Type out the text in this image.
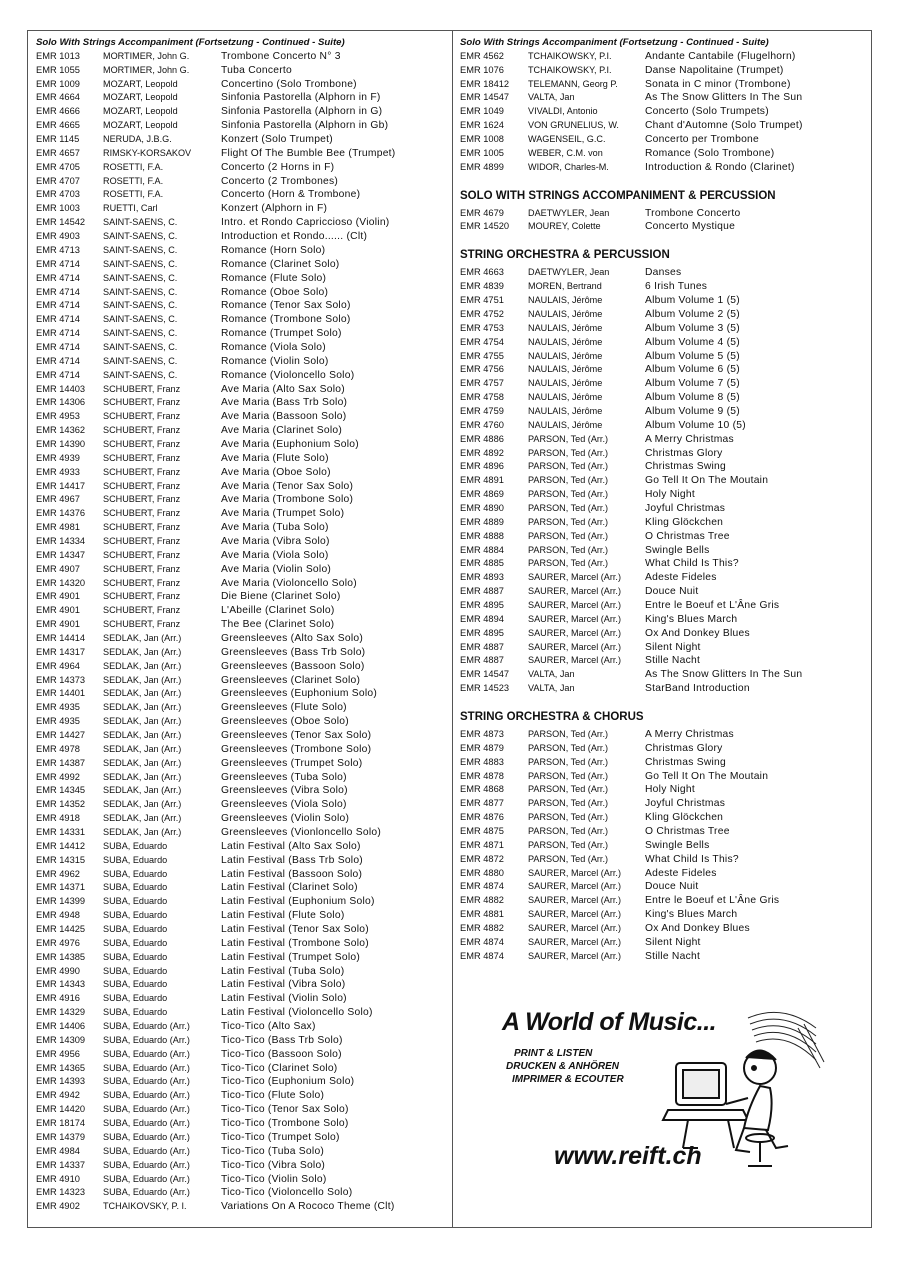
Solo With Strings Accompaniment (Fortsetzung - Continued - Suite)
EMR 1013	MORTIMER, John G.	Trombone Concerto N° 3
EMR 1055	MORTIMER, John G.	Tuba Concerto
EMR 1009	MOZART, Leopold	Concertino (Solo Trombone)
EMR 4664	MOZART, Leopold	Sinfonia Pastorella (Alphorn in F)
EMR 4666	MOZART, Leopold	Sinfonia Pastorella (Alphorn in G)
EMR 4665	MOZART, Leopold	Sinfonia Pastorella (Alphorn in Gb)
EMR 1145	NERUDA, J.B.G.	Konzert (Solo Trumpet)
EMR 4657	RIMSKY-KORSAKOV	Flight Of The Bumble Bee (Trumpet)
EMR 4705	ROSETTI, F.A.	Concerto (2 Horns in F)
EMR 4707	ROSETTI, F.A.	Concerto (2 Trombones)
EMR 4703	ROSETTI, F.A.	Concerto (Horn & Trombone)
EMR 1003	RUETTI, Carl	Konzert (Alphorn in F)
EMR 14542	SAINT-SAENS, C.	Intro. et Rondo Capriccioso (Violin)
EMR 4903	SAINT-SAENS, C.	Introduction et Rondo...... (Clt)
EMR 4713	SAINT-SAENS, C.	Romance (Horn Solo)
EMR 4714	SAINT-SAENS, C.	Romance (Clarinet Solo)
EMR 4714	SAINT-SAENS, C.	Romance (Flute Solo)
EMR 4714	SAINT-SAENS, C.	Romance (Oboe Solo)
EMR 4714	SAINT-SAENS, C.	Romance (Tenor Sax Solo)
EMR 4714	SAINT-SAENS, C.	Romance (Trombone Solo)
EMR 4714	SAINT-SAENS, C.	Romance (Trumpet Solo)
EMR 4714	SAINT-SAENS, C.	Romance (Viola Solo)
EMR 4714	SAINT-SAENS, C.	Romance (Violin Solo)
EMR 4714	SAINT-SAENS, C.	Romance (Violoncello Solo)
EMR 14403	SCHUBERT, Franz	Ave Maria (Alto Sax Solo)
EMR 14306	SCHUBERT, Franz	Ave Maria (Bass Trb Solo)
EMR 4953	SCHUBERT, Franz	Ave Maria (Bassoon Solo)
EMR 14362	SCHUBERT, Franz	Ave Maria (Clarinet Solo)
EMR 14390	SCHUBERT, Franz	Ave Maria (Euphonium Solo)
EMR 4939	SCHUBERT, Franz	Ave Maria (Flute Solo)
EMR 4933	SCHUBERT, Franz	Ave Maria (Oboe Solo)
EMR 14417	SCHUBERT, Franz	Ave Maria (Tenor Sax Solo)
EMR 4967	SCHUBERT, Franz	Ave Maria (Trombone Solo)
EMR 14376	SCHUBERT, Franz	Ave Maria (Trumpet Solo)
EMR 4981	SCHUBERT, Franz	Ave Maria (Tuba Solo)
EMR 14334	SCHUBERT, Franz	Ave Maria (Vibra Solo)
EMR 14347	SCHUBERT, Franz	Ave Maria (Viola Solo)
EMR 4907	SCHUBERT, Franz	Ave Maria (Violin Solo)
EMR 14320	SCHUBERT, Franz	Ave Maria (Violoncello Solo)
EMR 4901	SCHUBERT, Franz	Die Biene (Clarinet Solo)
EMR 4901	SCHUBERT, Franz	L'Abeille (Clarinet Solo)
EMR 4901	SCHUBERT, Franz	The Bee (Clarinet Solo)
EMR 14414	SEDLAK, Jan (Arr.)	Greensleeves (Alto Sax Solo)
EMR 14317	SEDLAK, Jan (Arr.)	Greensleeves (Bass Trb Solo)
EMR 4964	SEDLAK, Jan (Arr.)	Greensleeves (Bassoon Solo)
EMR 14373	SEDLAK, Jan (Arr.)	Greensleeves (Clarinet Solo)
EMR 14401	SEDLAK, Jan (Arr.)	Greensleeves (Euphonium Solo)
EMR 4935	SEDLAK, Jan (Arr.)	Greensleeves (Flute Solo)
EMR 4935	SEDLAK, Jan (Arr.)	Greensleeves (Oboe Solo)
EMR 14427	SEDLAK, Jan (Arr.)	Greensleeves (Tenor Sax Solo)
EMR 4978	SEDLAK, Jan (Arr.)	Greensleeves (Trombone Solo)
EMR 14387	SEDLAK, Jan (Arr.)	Greensleeves (Trumpet Solo)
EMR 4992	SEDLAK, Jan (Arr.)	Greensleeves (Tuba Solo)
EMR 14345	SEDLAK, Jan (Arr.)	Greensleeves (Vibra Solo)
EMR 14352	SEDLAK, Jan (Arr.)	Greensleeves (Viola Solo)
EMR 4918	SEDLAK, Jan (Arr.)	Greensleeves (Violin Solo)
EMR 14331	SEDLAK, Jan (Arr.)	Greensleeves (Vionloncello Solo)
EMR 14412	SUBA, Eduardo	Latin Festival (Alto Sax Solo)
EMR 14315	SUBA, Eduardo	Latin Festival (Bass Trb Solo)
EMR 4962	SUBA, Eduardo	Latin Festival (Bassoon Solo)
EMR 14371	SUBA, Eduardo	Latin Festival (Clarinet Solo)
EMR 14399	SUBA, Eduardo	Latin Festival (Euphonium Solo)
EMR 4948	SUBA, Eduardo	Latin Festival (Flute Solo)
EMR 14425	SUBA, Eduardo	Latin Festival (Tenor Sax Solo)
EMR 4976	SUBA, Eduardo	Latin Festival (Trombone Solo)
EMR 14385	SUBA, Eduardo	Latin Festival (Trumpet Solo)
EMR 4990	SUBA, Eduardo	Latin Festival (Tuba Solo)
EMR 14343	SUBA, Eduardo	Latin Festival (Vibra Solo)
EMR 4916	SUBA, Eduardo	Latin Festival (Violin Solo)
EMR 14329	SUBA, Eduardo	Latin Festival (Violoncello Solo)
EMR 14406	SUBA, Eduardo (Arr.)	Tico-Tico (Alto Sax)
EMR 14309	SUBA, Eduardo (Arr.)	Tico-Tico (Bass Trb Solo)
EMR 4956	SUBA, Eduardo (Arr.)	Tico-Tico (Bassoon Solo)
EMR 14365	SUBA, Eduardo (Arr.)	Tico-Tico (Clarinet Solo)
EMR 14393	SUBA, Eduardo (Arr.)	Tico-Tico (Euphonium Solo)
EMR 4942	SUBA, Eduardo (Arr.)	Tico-Tico (Flute Solo)
EMR 14420	SUBA, Eduardo (Arr.)	Tico-Tico (Tenor Sax Solo)
EMR 18174	SUBA, Eduardo (Arr.)	Tico-Tico (Trombone Solo)
EMR 14379	SUBA, Eduardo (Arr.)	Tico-Tico (Trumpet Solo)
EMR 4984	SUBA, Eduardo (Arr.)	Tico-Tico (Tuba Solo)
EMR 14337	SUBA, Eduardo (Arr.)	Tico-Tico (Vibra Solo)
EMR 4910	SUBA, Eduardo (Arr.)	Tico-Tico (Violin Solo)
EMR 14323	SUBA, Eduardo (Arr.)	Tico-Tico (Violoncello Solo)
EMR 4902	TCHAIKOVSKY, P. I.	Variations On A Rococo Theme (Clt)
Solo With Strings Accompaniment (Fortsetzung - Continued - Suite)
EMR 4562	TCHAIKOWSKY, P.I.	Andante Cantabile (Flugelhorn)
EMR 1076	TCHAIKOWSKY, P.I.	Danse Napolitaine (Trumpet)
EMR 18412	TELEMANN, Georg P.	Sonata in C minor (Trombone)
EMR 14547	VALTA, Jan	As The Snow Glitters In The Sun
EMR 1049	VIVALDI, Antonio	Concerto (Solo Trumpets)
EMR 1624	VON GRUNELIUS, W.	Chant d'Automne (Solo Trumpet)
EMR 1008	WAGENSEIL, G.C.	Concerto per Trombone
EMR 1005	WEBER, C.M. von	Romance (Solo Trombone)
EMR 4899	WIDOR, Charles-M.	Introduction & Rondo (Clarinet)
SOLO WITH STRINGS ACCOMPANIMENT & PERCUSSION
EMR 4679	DAETWYLER, Jean	Trombone Concerto
EMR 14520	MOUREY, Colette	Concerto Mystique
STRING ORCHESTRA & PERCUSSION
EMR 4663	DAETWYLER, Jean	Danses
EMR 4839	MOREN, Bertrand	6 Irish Tunes
EMR 4751	NAULAIS, Jérôme	Album Volume 1 (5)
EMR 4752	NAULAIS, Jérôme	Album Volume 2 (5)
EMR 4753	NAULAIS, Jérôme	Album Volume 3 (5)
EMR 4754	NAULAIS, Jérôme	Album Volume 4 (5)
EMR 4755	NAULAIS, Jérôme	Album Volume 5 (5)
EMR 4756	NAULAIS, Jérôme	Album Volume 6 (5)
EMR 4757	NAULAIS, Jérôme	Album Volume 7 (5)
EMR 4758	NAULAIS, Jérôme	Album Volume 8 (5)
EMR 4759	NAULAIS, Jérôme	Album Volume 9 (5)
EMR 4760	NAULAIS, Jérôme	Album Volume 10 (5)
EMR 4886	PARSON, Ted (Arr.)	A Merry Christmas
EMR 4892	PARSON, Ted (Arr.)	Christmas Glory
EMR 4896	PARSON, Ted (Arr.)	Christmas Swing
EMR 4891	PARSON, Ted (Arr.)	Go Tell It On The Moutain
EMR 4869	PARSON, Ted (Arr.)	Holy Night
EMR 4890	PARSON, Ted (Arr.)	Joyful Christmas
EMR 4889	PARSON, Ted (Arr.)	Kling Glöckchen
EMR 4888	PARSON, Ted (Arr.)	O Christmas Tree
EMR 4884	PARSON, Ted (Arr.)	Swingle Bells
EMR 4885	PARSON, Ted (Arr.)	What Child Is This?
EMR 4893	SAURER, Marcel (Arr.)	Adeste Fideles
EMR 4887	SAURER, Marcel (Arr.)	Douce Nuit
EMR 4895	SAURER, Marcel (Arr.)	Entre le Boeuf et L'Âne Gris
EMR 4894	SAURER, Marcel (Arr.)	King's Blues March
EMR 4895	SAURER, Marcel (Arr.)	Ox And Donkey Blues
EMR 4887	SAURER, Marcel (Arr.)	Silent Night
EMR 4887	SAURER, Marcel (Arr.)	Stille Nacht
EMR 14547	VALTA, Jan	As The Snow Glitters In The Sun
EMR 14523	VALTA, Jan	StarBand Introduction
STRING ORCHESTRA & CHORUS
EMR 4873	PARSON, Ted (Arr.)	A Merry Christmas
EMR 4879	PARSON, Ted (Arr.)	Christmas Glory
EMR 4883	PARSON, Ted (Arr.)	Christmas Swing
EMR 4878	PARSON, Ted (Arr.)	Go Tell It On The Moutain
EMR 4868	PARSON, Ted (Arr.)	Holy Night
EMR 4877	PARSON, Ted (Arr.)	Joyful Christmas
EMR 4876	PARSON, Ted (Arr.)	Kling Glöckchen
EMR 4875	PARSON, Ted (Arr.)	O Christmas Tree
EMR 4871	PARSON, Ted (Arr.)	Swingle Bells
EMR 4872	PARSON, Ted (Arr.)	What Child Is This?
EMR 4880	SAURER, Marcel (Arr.)	Adeste Fideles
EMR 4874	SAURER, Marcel (Arr.)	Douce Nuit
EMR 4882	SAURER, Marcel (Arr.)	Entre le Boeuf et L'Âne Gris
EMR 4881	SAURER, Marcel (Arr.)	King's Blues March
EMR 4882	SAURER, Marcel (Arr.)	Ox And Donkey Blues
EMR 4874	SAURER, Marcel (Arr.)	Silent Night
EMR 4874	SAURER, Marcel (Arr.)	Stille Nacht
A World of Music...
PRINT & LISTEN
DRUCKEN & ANHÖREN
IMPRIMER & ECOUTER
www.reift.ch
